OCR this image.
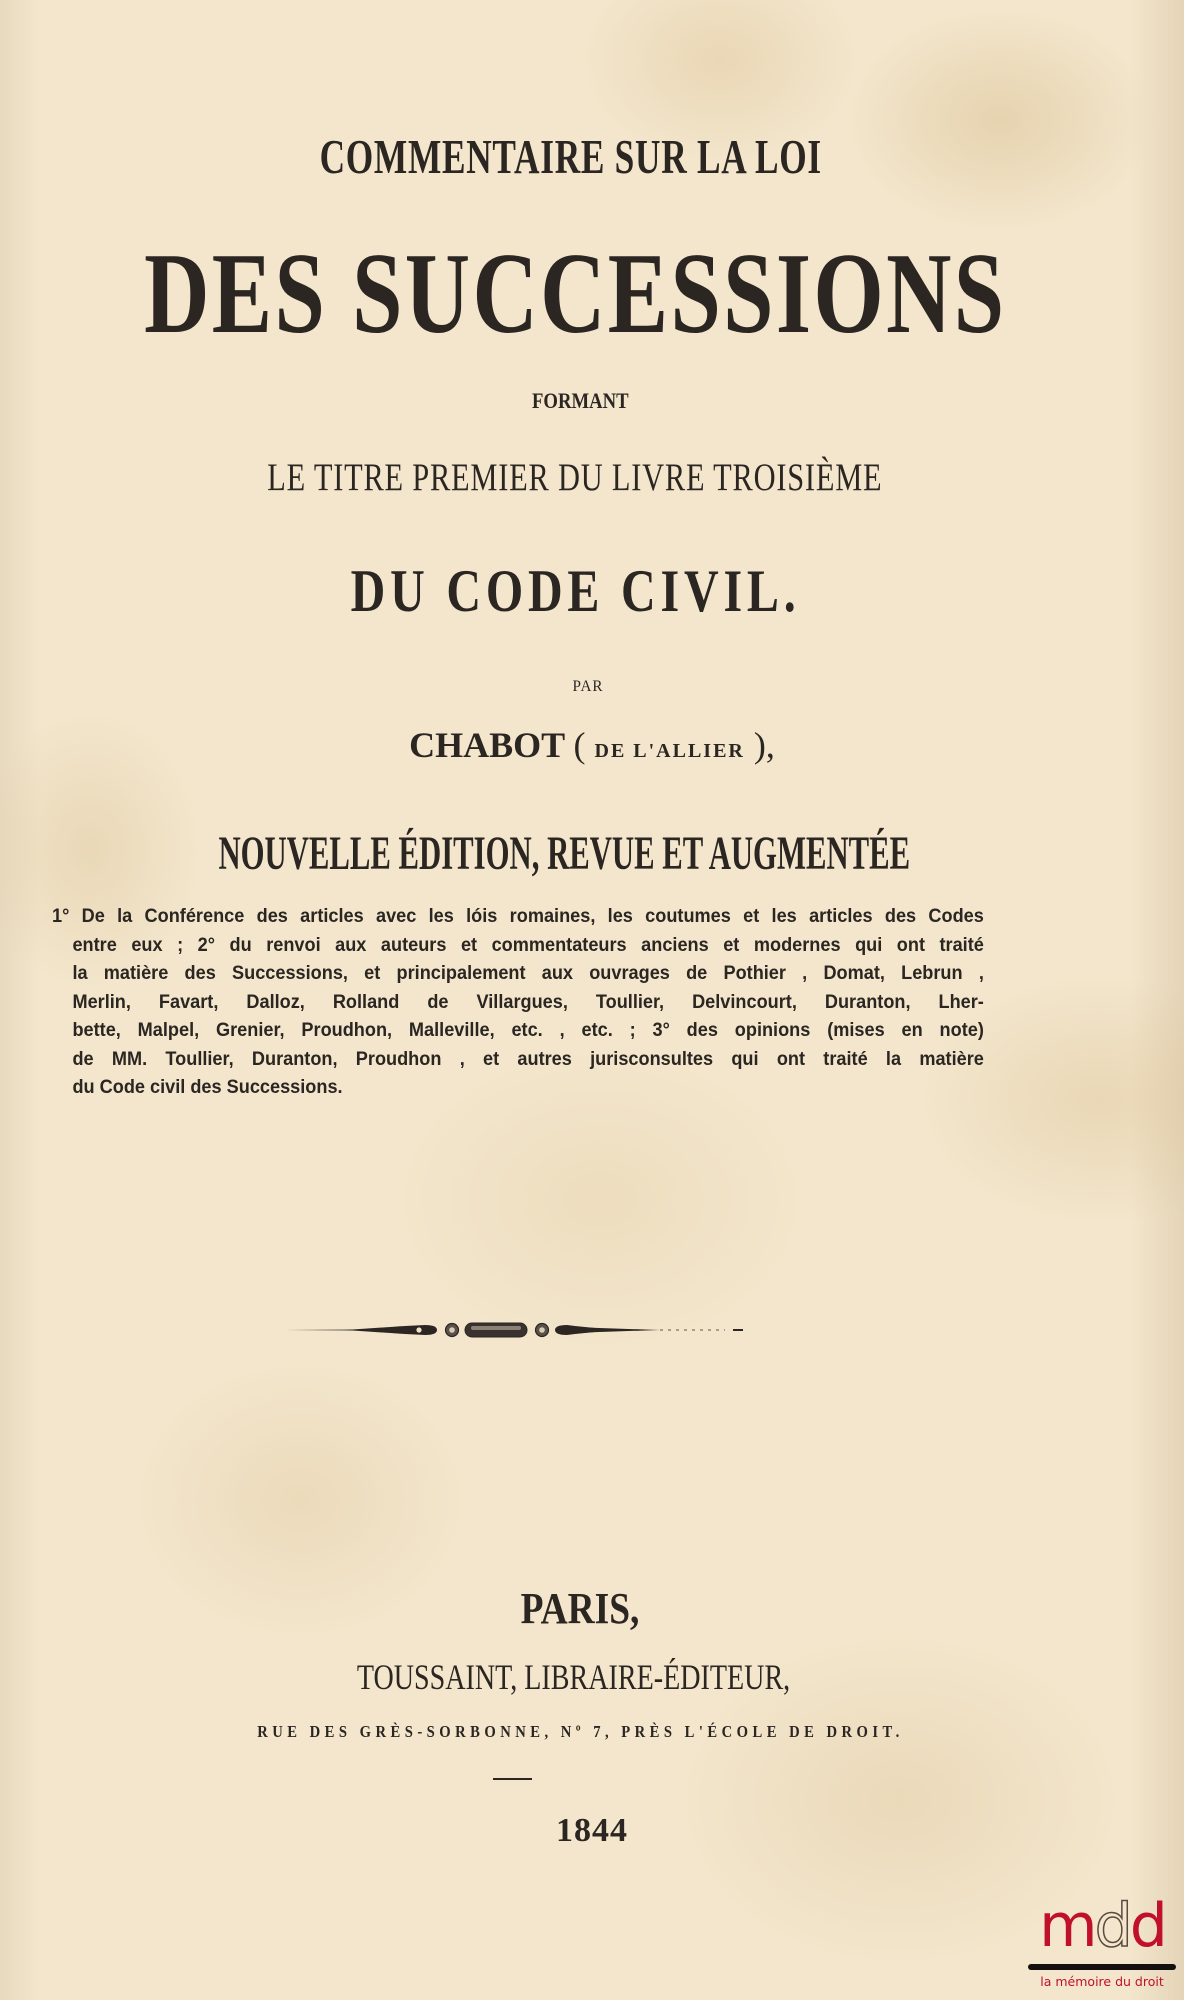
COMMENTAIRE SUR LA LOI
DES SUCCESSIONS
FORMANT
LE TITRE PREMIER DU LIVRE TROISIÈME
DU CODE CIVIL.
PAR
CHABOT ( DE L'ALLIER ),
NOUVELLE ÉDITION, REVUE ET AUGMENTÉE
1° De la Conférence des articles avec les lóis romaines, les coutumes et les articles des Codes
entre eux ; 2° du renvoi aux auteurs et commentateurs anciens et modernes qui ont traité
la matière des Successions, et principalement aux ouvrages de Pothier , Domat, Lebrun ,
Merlin, Favart, Dalloz, Rolland de Villargues, Toullier, Delvincourt, Duranton, Lher-
bette, Malpel, Grenier, Proudhon, Malleville, etc. , etc. ; 3° des opinions (mises en note)
de MM. Toullier, Duranton, Proudhon , et autres jurisconsultes qui ont traité la matière
du Code civil des Successions.
PARIS,
TOUSSAINT, LIBRAIRE-ÉDITEUR,
RUE DES GRÈS-SORBONNE, Nº 7, PRÈS L'ÉCOLE DE DROIT.
1844
mdd
la mémoire du droit
